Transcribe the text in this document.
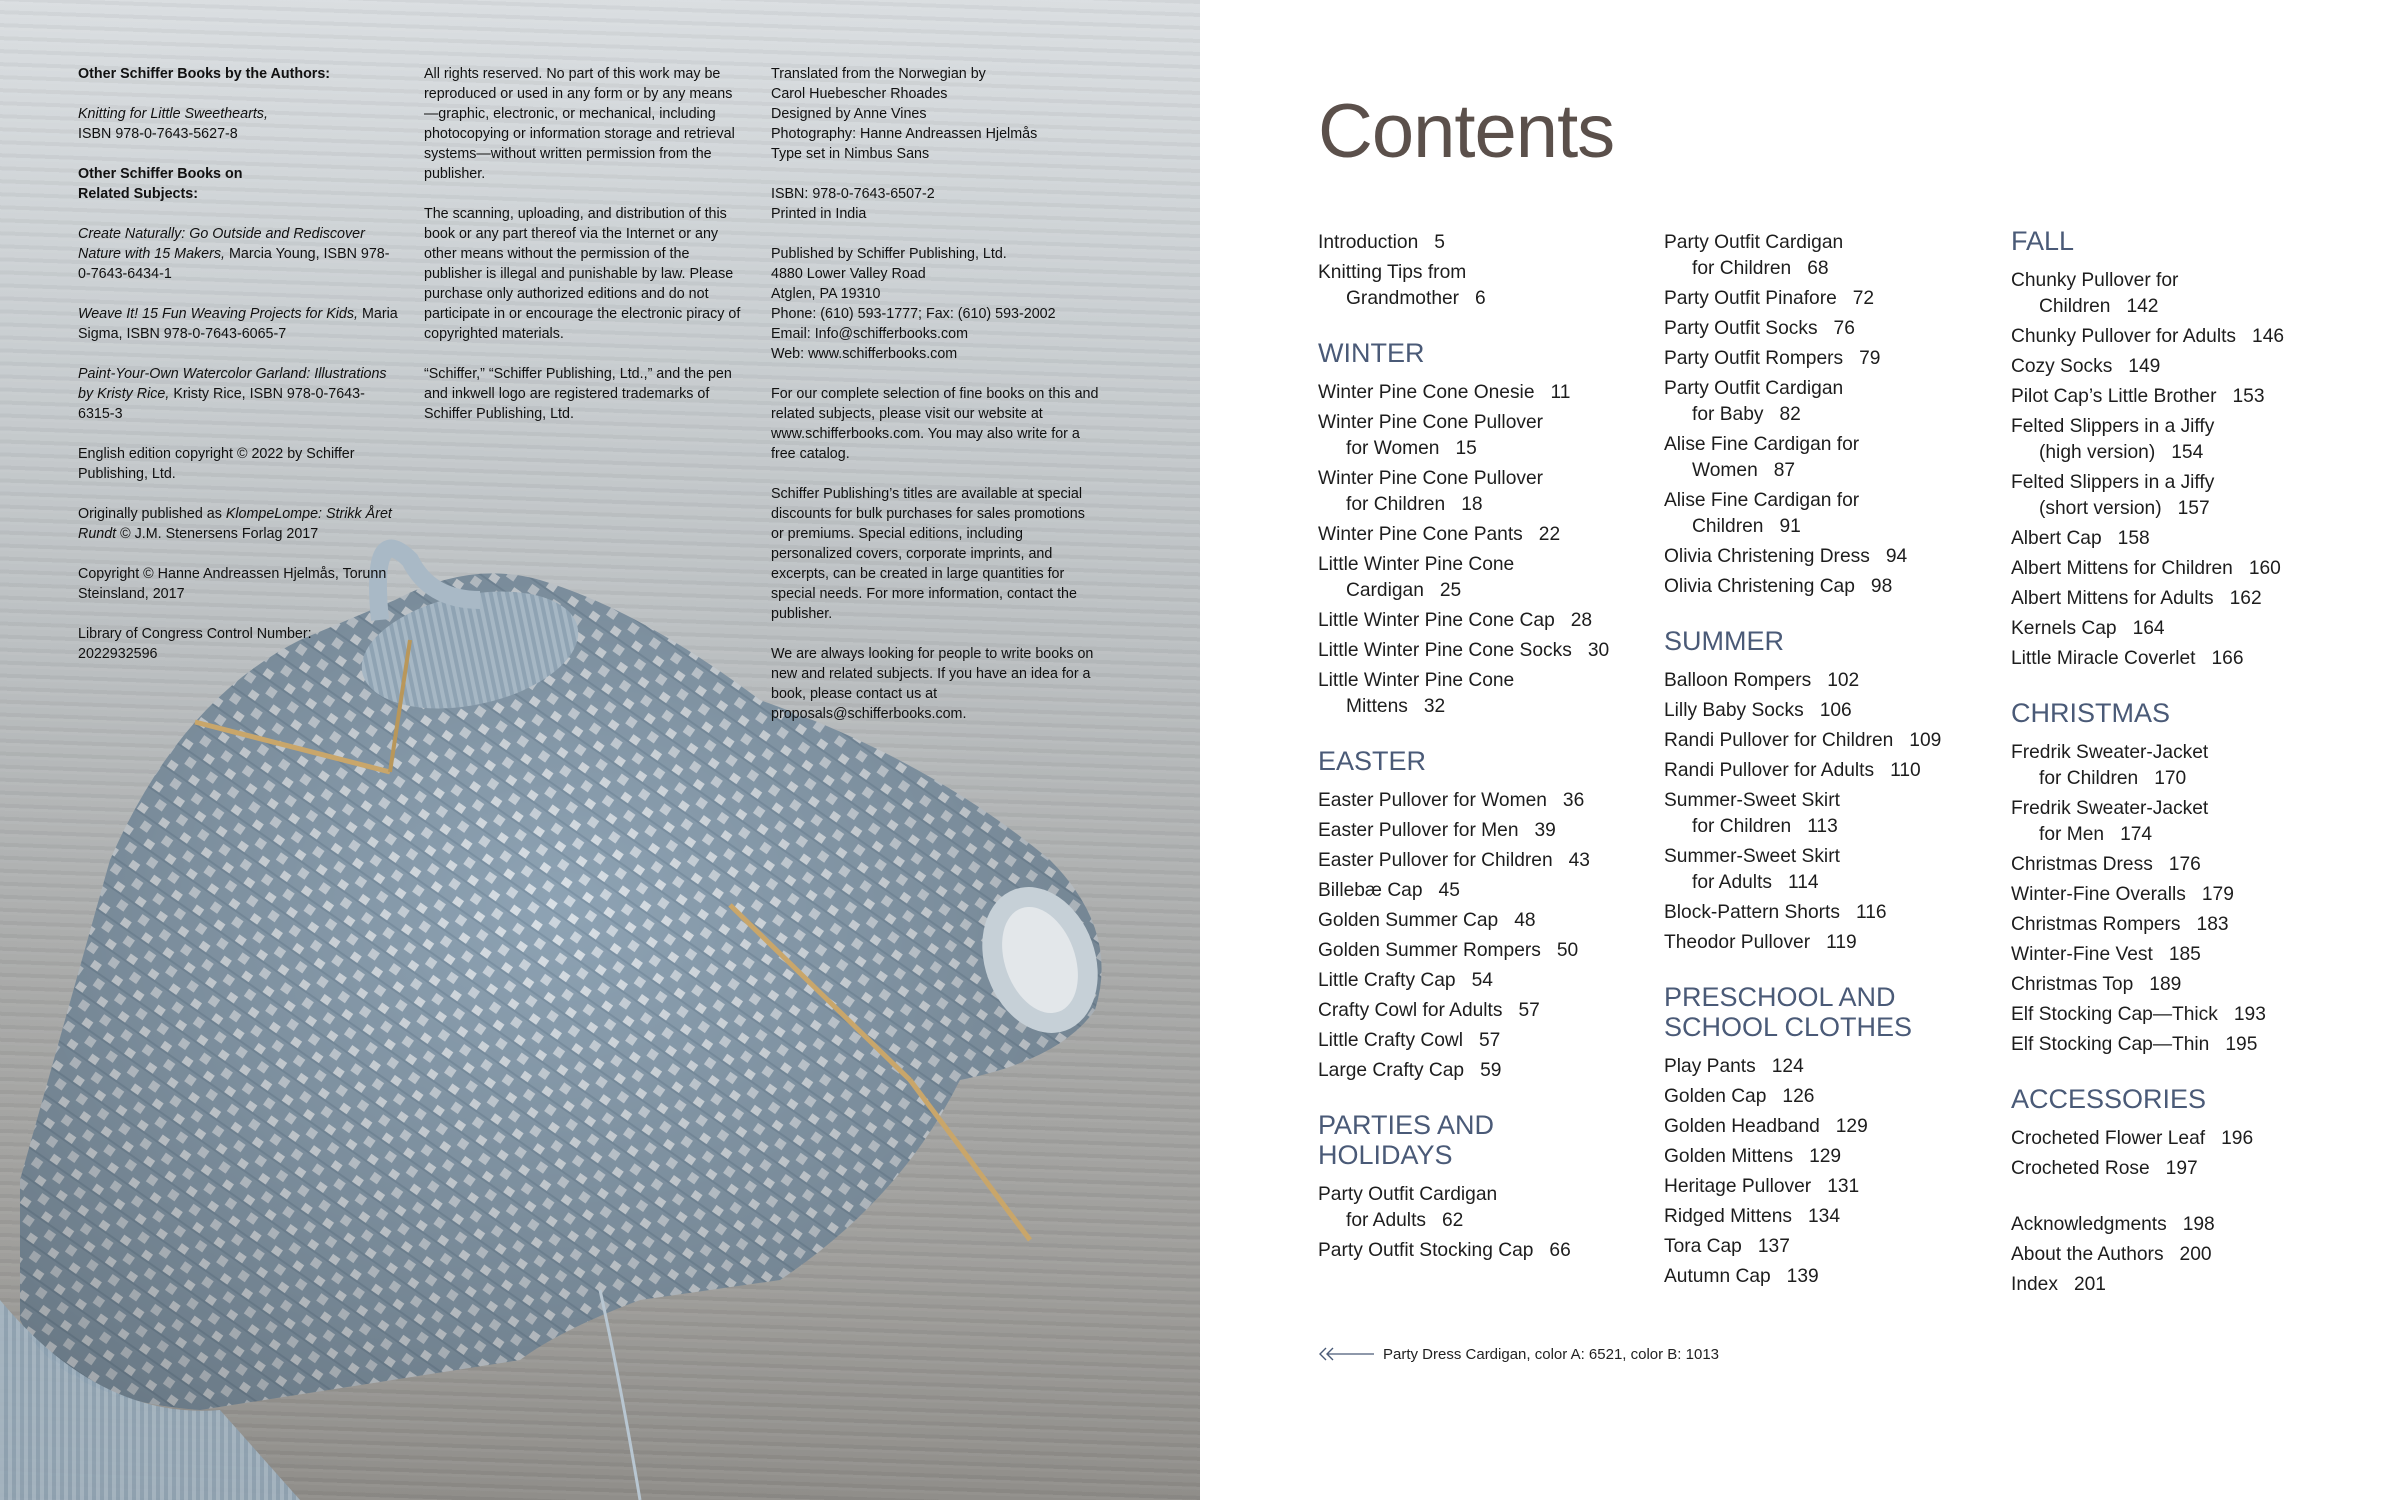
Other Schiffer Books by the Authors:

Knitting for Little Sweethearts,
ISBN 978-0-7643-5627-8

Other Schiffer Books on
Related Subjects:

Create Naturally: Go Outside and Rediscover Nature with 15 Makers, Marcia Young, ISBN 978-0-7643-6434-1

Weave It! 15 Fun Weaving Projects for Kids, Maria Sigma, ISBN 978-0-7643-6065-7

Paint-Your-Own Watercolor Garland: Illustrations by Kristy Rice, Kristy Rice, ISBN 978-0-7643-6315-3

English edition copyright © 2022 by Schiffer Publishing, Ltd.

Originally published as KlompeLompe: Strikk Året Rundt © J.M. Stenersens Forlag 2017

Copyright © Hanne Andreassen Hjelmås, Torunn Steinsland, 2017

Library of Congress Control Number:
2022932596

All rights reserved. No part of this work may be reproduced or used in any form or by any means—graphic, electronic, or mechanical, including photocopying or information storage and retrieval systems—without written permission from the publisher.

The scanning, uploading, and distribution of this book or any part thereof via the Internet or any other means without the permission of the publisher is illegal and punishable by law. Please purchase only authorized editions and do not participate in or encourage the electronic piracy of copyrighted materials.

“Schiffer,” “Schiffer Publishing, Ltd.,” and the pen and inkwell logo are registered trademarks of Schiffer Publishing, Ltd.

Translated from the Norwegian by
Carol Huebescher Rhoades
Designed by Anne Vines
Photography: Hanne Andreassen Hjelmås
Type set in Nimbus Sans

ISBN: 978-0-7643-6507-2
Printed in India

Published by Schiffer Publishing, Ltd.
4880 Lower Valley Road
Atglen, PA 19310
Phone: (610) 593-1777; Fax: (610) 593-2002
Email: Info@schifferbooks.com
Web: www.schifferbooks.com

For our complete selection of fine books on this and related subjects, please visit our website at www.schifferbooks.com. You may also write for a free catalog.

Schiffer Publishing’s titles are available at special discounts for bulk purchases for sales promotions or premiums. Special editions, including personalized covers, corporate imprints, and excerpts, can be created in large quantities for special needs. For more information, contact the publisher.

We are always looking for people to write books on new and related subjects. If you have an idea for a book, please contact us at proposals@schifferbooks.com.

Contents

Introduction 5

Knitting Tips from
Grandmother 6

WINTER

Winter Pine Cone Onesie 11

Winter Pine Cone Pullover
for Women 15

Winter Pine Cone Pullover
for Children 18

Winter Pine Cone Pants 22

Little Winter Pine Cone
Cardigan 25

Little Winter Pine Cone Cap 28

Little Winter Pine Cone Socks 30

Little Winter Pine Cone
Mittens 32

EASTER

Easter Pullover for Women 36

Easter Pullover for Men 39

Easter Pullover for Children 43

Billebæ Cap 45

Golden Summer Cap 48

Golden Summer Rompers 50

Little Crafty Cap 54

Crafty Cowl for Adults 57

Little Crafty Cowl 57

Large Crafty Cap 59

PARTIES AND
HOLIDAYS

Party Outfit Cardigan
for Adults 62

Party Outfit Stocking Cap 66

Party Outfit Cardigan
for Children 68

Party Outfit Pinafore 72

Party Outfit Socks 76

Party Outfit Rompers 79

Party Outfit Cardigan
for Baby 82

Alise Fine Cardigan for
Women 87

Alise Fine Cardigan for
Children 91

Olivia Christening Dress 94

Olivia Christening Cap 98

SUMMER

Balloon Rompers 102

Lilly Baby Socks 106

Randi Pullover for Children 109

Randi Pullover for Adults 110

Summer-Sweet Skirt
for Children 113

Summer-Sweet Skirt
for Adults 114

Block-Pattern Shorts 116

Theodor Pullover 119

PRESCHOOL AND
SCHOOL CLOTHES

Play Pants 124

Golden Cap 126

Golden Headband 129

Golden Mittens 129

Heritage Pullover 131

Ridged Mittens 134

Tora Cap 137

Autumn Cap 139

FALL

Chunky Pullover for
Children 142

Chunky Pullover for Adults 146

Cozy Socks 149

Pilot Cap’s Little Brother 153

Felted Slippers in a Jiffy
(high version) 154

Felted Slippers in a Jiffy
(short version) 157

Albert Cap 158

Albert Mittens for Children 160

Albert Mittens for Adults 162

Kernels Cap 164

Little Miracle Coverlet 166

CHRISTMAS

Fredrik Sweater-Jacket
for Children 170

Fredrik Sweater-Jacket
for Men 174

Christmas Dress 176

Winter-Fine Overalls 179

Christmas Rompers 183

Winter-Fine Vest 185

Christmas Top 189

Elf Stocking Cap—Thick 193

Elf Stocking Cap—Thin 195

ACCESSORIES

Crocheted Flower Leaf 196

Crocheted Rose 197

Acknowledgments 198

About the Authors 200

Index 201

Party Dress Cardigan, color A: 6521, color B: 1013
